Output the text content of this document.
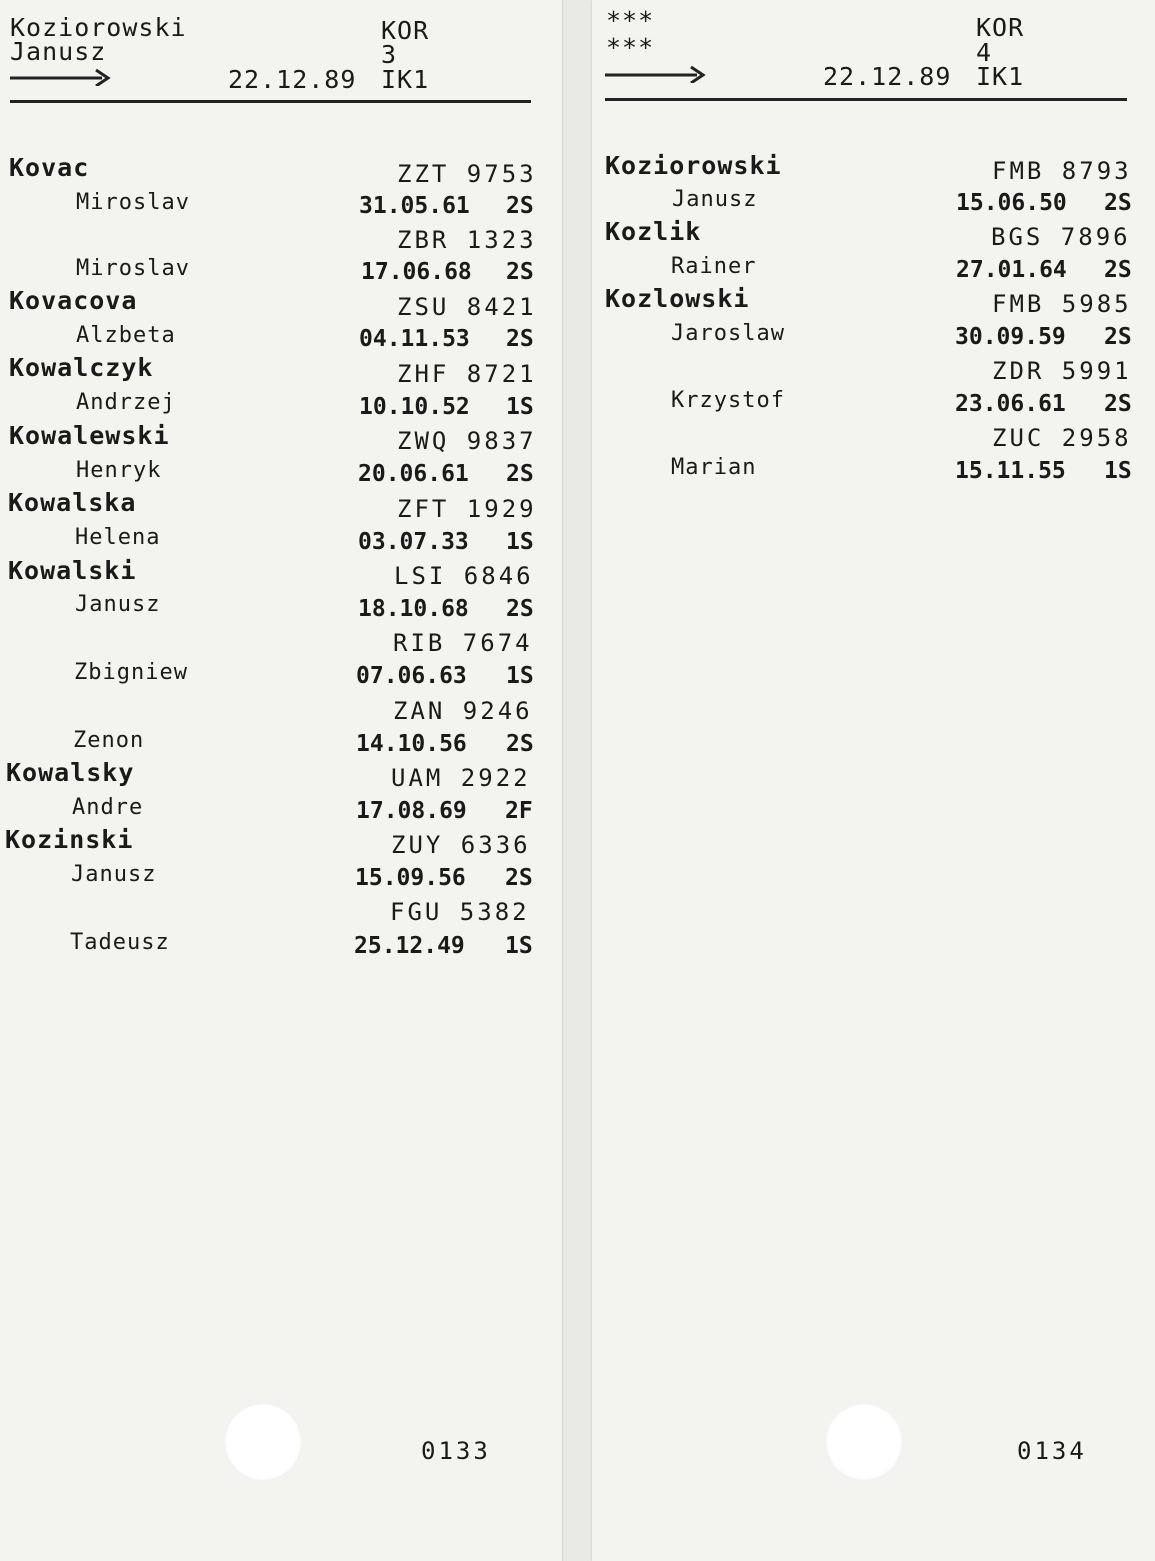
Koziorowski
Janusz
KOR
3
22.12.89 IK1
Kovac	ZZT 9753
Miroslav	31.05.61 2S
ZBR 1323
Miroslav	17.06.68 2S
Kovacova	ZSU 8421
Alzbeta	04.11.53 2S
Kowalczyk	ZHF 8721
Andrzej	10.10.52 1S
Kowalewski	ZWQ 9837
Henryk	20.06.61 2S
Kowalska	ZFT 1929
Helena	03.07.33 1S
Kowalski	LSI 6846
Janusz	18.10.68 2S
RIB 7674
Zbigniew	07.06.63 1S
ZAN 9246
Zenon	14.10.56 2S
Kowalsky	UAM 2922
Andre	17.08.69 2F
Kozinski	ZUY 6336
Janusz	15.09.56 2S
FGU 5382
Tadeusz	25.12.49 1S
0133
***
***
KOR
4
22.12.89 IK1
Koziorowski	FMB 8793
Janusz	15.06.50 2S
Kozlik	BGS 7896
Rainer	27.01.64 2S
Kozlowski	FMB 5985
Jaroslaw	30.09.59 2S
ZDR 5991
Krzystof	23.06.61 2S
ZUC 2958
Marian	15.11.55 1S
0134
